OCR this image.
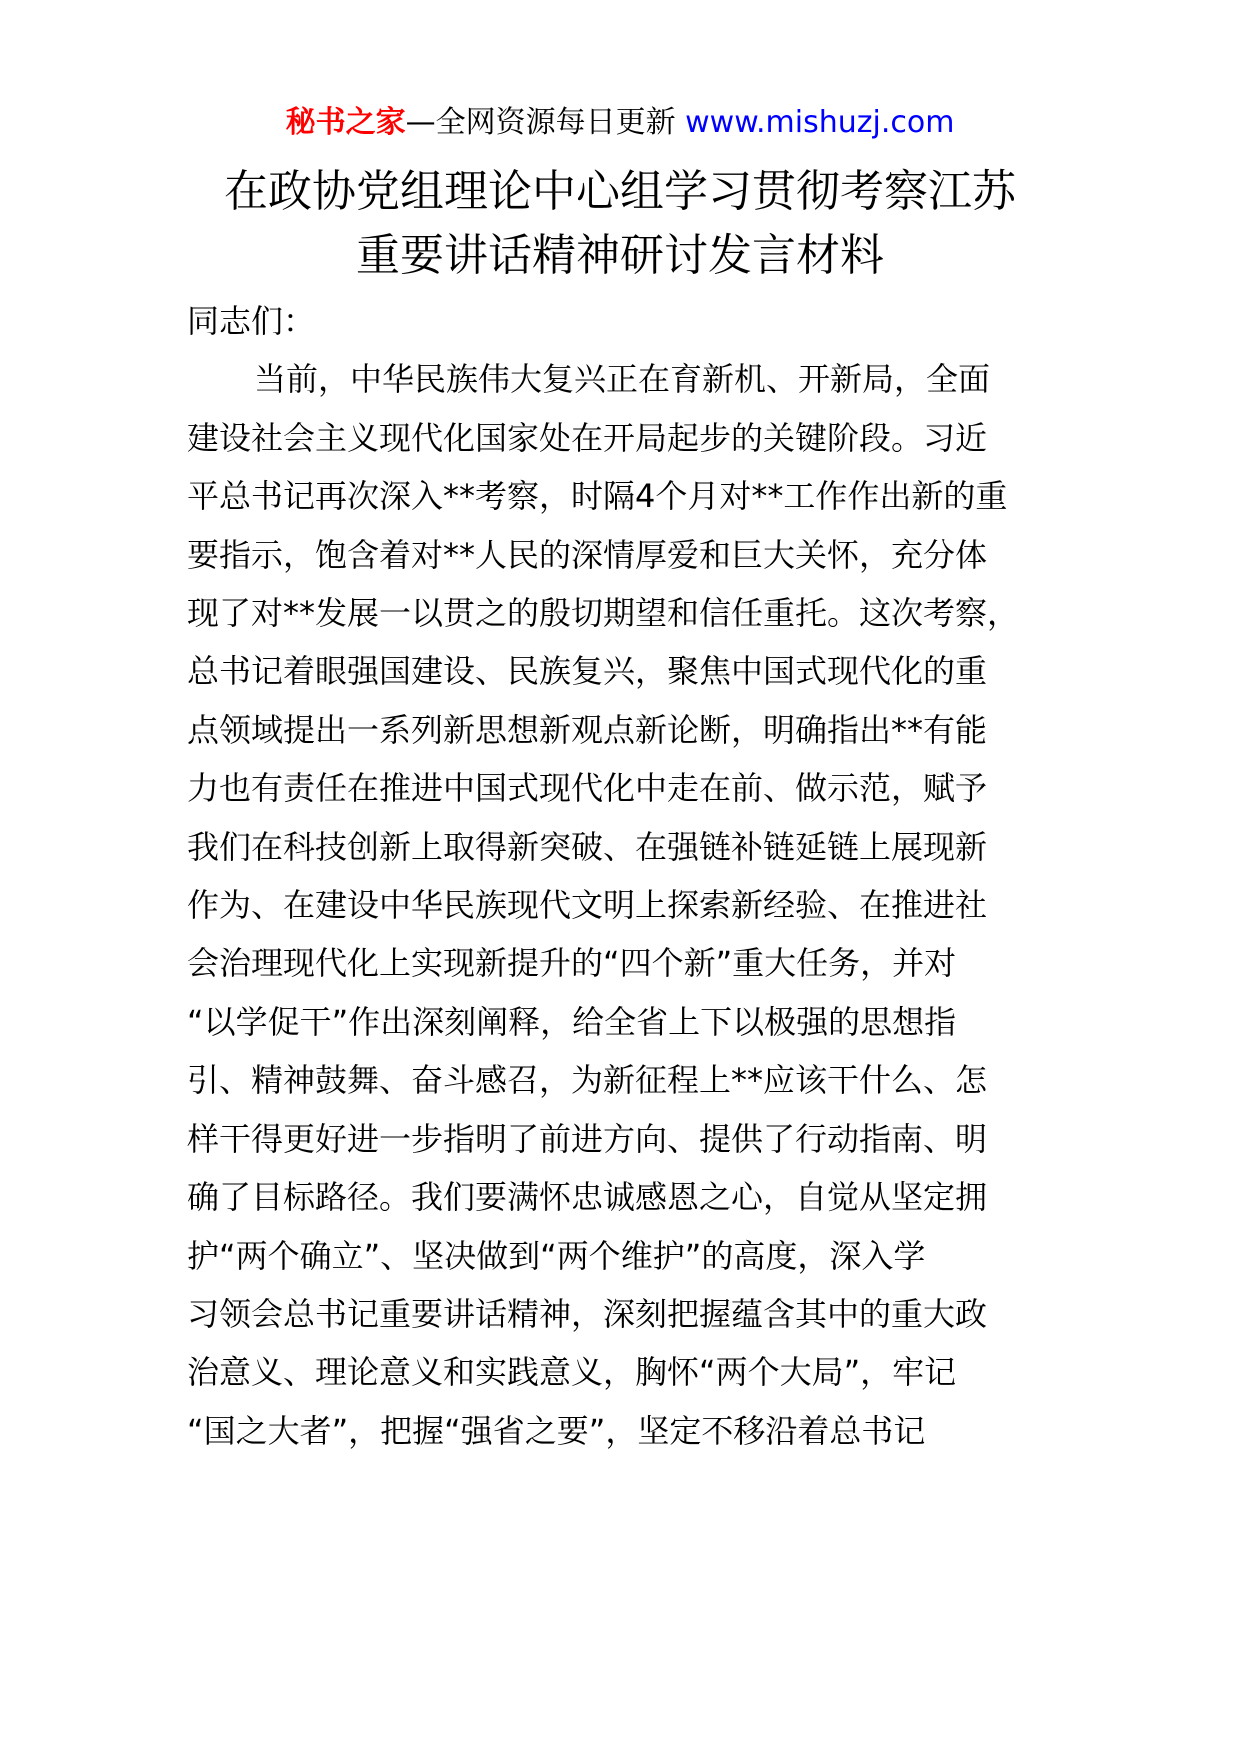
秘书之家—全网资源每日更新 www.mishuzj.com
在政协党组理论中心组学习贯彻考察江苏
重要讲话精神研讨发言材料

同志们：

当前，中华民族伟大复兴正在育新机、开新局，全面
建设社会主义现代化国家处在开局起步的关键阶段。习近
平总书记再次深入**考察，时隔4个月对**工作作出新的重
要指示，饱含着对**人民的深情厚爱和巨大关怀，充分体
现了对**发展一以贯之的殷切期望和信任重托。这次考察，
总书记着眼强国建设、民族复兴，聚焦中国式现代化的重
点领域提出一系列新思想新观点新论断，明确指出**有能
力也有责任在推进中国式现代化中走在前、做示范，赋予
我们在科技创新上取得新突破、在强链补链延链上展现新
作为、在建设中华民族现代文明上探索新经验、在推进社
会治理现代化上实现新提升的“四个新”重大任务，并对
“以学促干”作出深刻阐释，给全省上下以极强的思想指
引、精神鼓舞、奋斗感召，为新征程上**应该干什么、怎
样干得更好进一步指明了前进方向、提供了行动指南、明
确了目标路径。我们要满怀忠诚感恩之心，自觉从坚定拥
护“两个确立”、坚决做到“两个维护”的高度，深入学
习领会总书记重要讲话精神，深刻把握蕴含其中的重大政
治意义、理论意义和实践意义，胸怀“两个大局”，牢记
“国之大者”，把握“强省之要”，坚定不移沿着总书记
